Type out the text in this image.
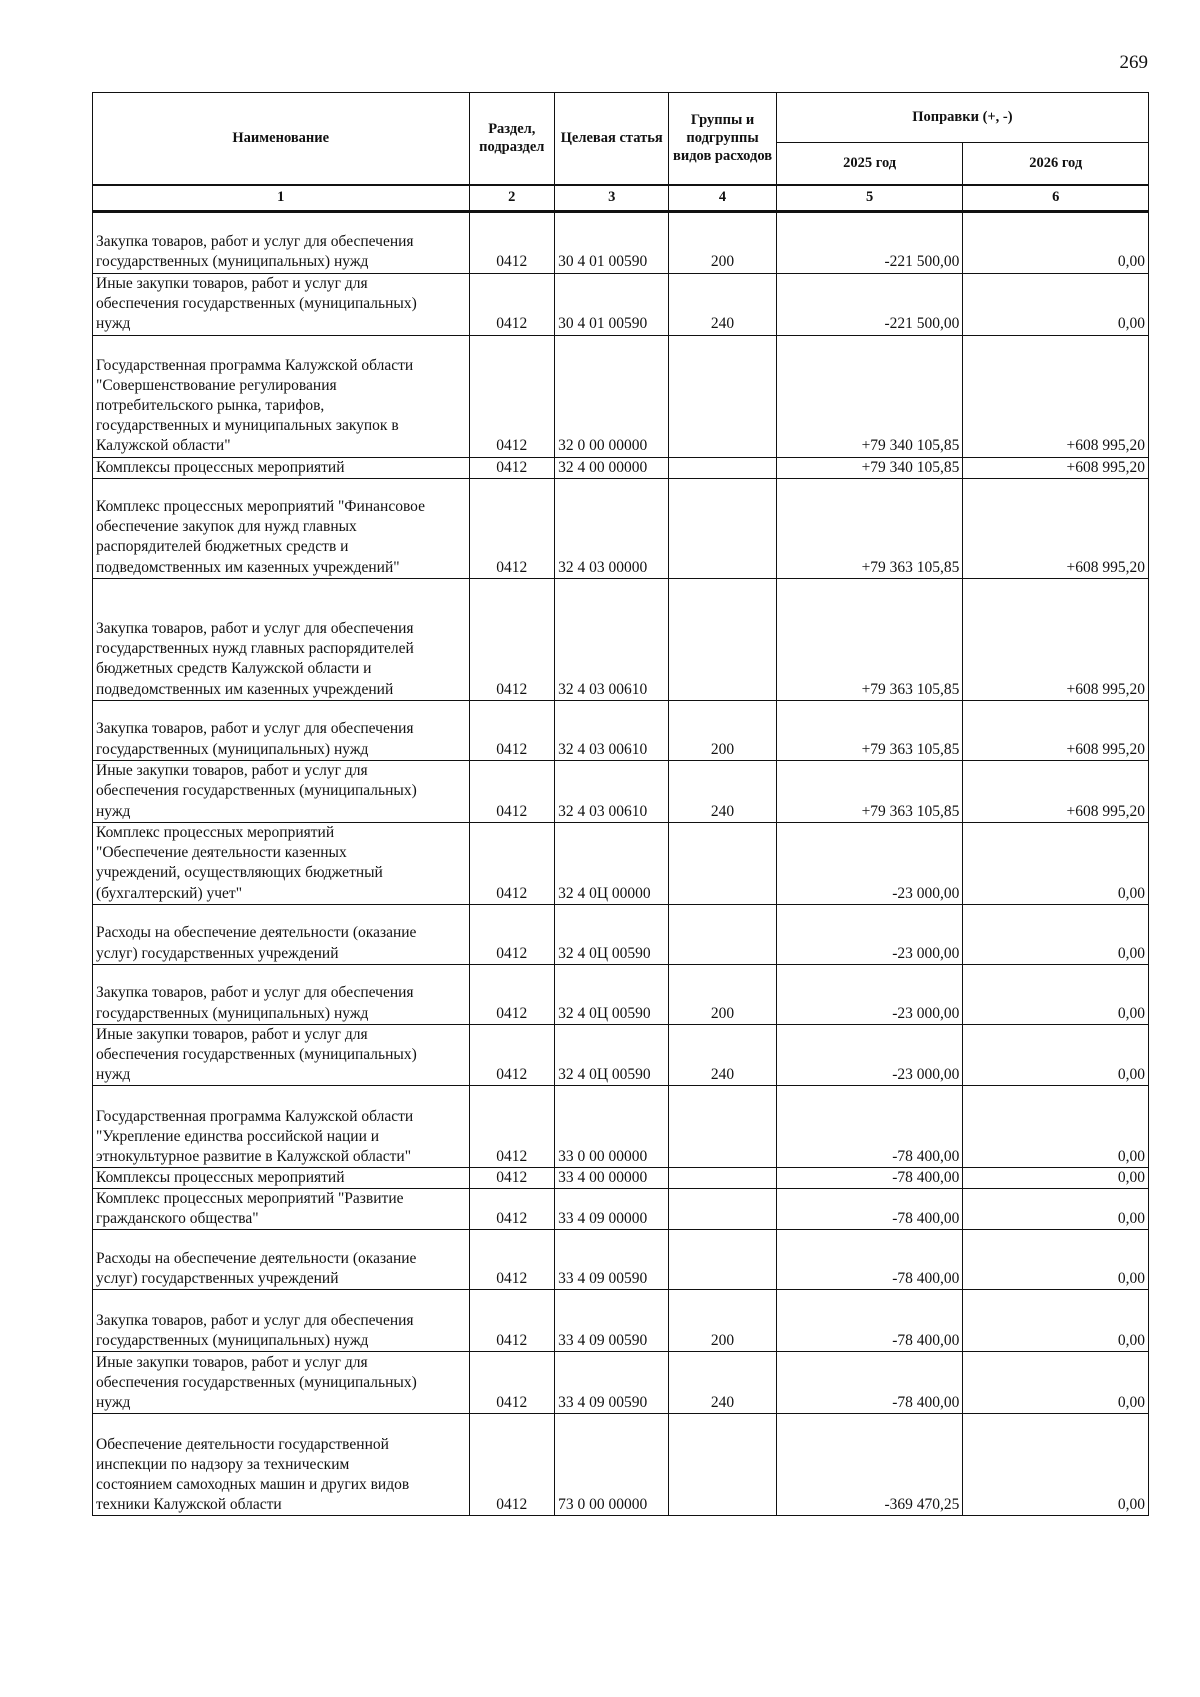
269
Наименование	Раздел, подраздел	Целевая статья	Группы и подгруппы видов расходов	Поправки (+, -)	
				2025 год	2026 год
1	2	3	4	5	6
Закупка товаров, работ и услуг для обеспечения
государственных (муниципальных) нужд	0412	30 4 01 00590	200	-221 500,00	0,00
Иные закупки товаров, работ и услуг для
обеспечения государственных (муниципальных)
нужд	0412	30 4 01 00590	240	-221 500,00	0,00
Государственная программа Калужской области
"Совершенствование регулирования
потребительского рынка, тарифов,
государственных и муниципальных закупок в
Калужской области"	0412	32 0 00 00000		+79 340 105,85	+608 995,20
Комплексы процессных мероприятий	0412	32 4 00 00000		+79 340 105,85	+608 995,20
Комплекс процессных мероприятий "Финансовое
обеспечение закупок для нужд главных
распорядителей бюджетных средств и
подведомственных им казенных учреждений"	0412	32 4 03 00000		+79 363 105,85	+608 995,20
Закупка товаров, работ и услуг для обеспечения
государственных нужд главных распорядителей
бюджетных средств Калужской области и
подведомственных им казенных учреждений	0412	32 4 03 00610		+79 363 105,85	+608 995,20
Закупка товаров, работ и услуг для обеспечения
государственных (муниципальных) нужд	0412	32 4 03 00610	200	+79 363 105,85	+608 995,20
Иные закупки товаров, работ и услуг для
обеспечения государственных (муниципальных)
нужд	0412	32 4 03 00610	240	+79 363 105,85	+608 995,20
Комплекс процессных мероприятий
"Обеспечение деятельности казенных
учреждений, осуществляющих бюджетный
(бухгалтерский) учет"	0412	32 4 0Ц 00000		-23 000,00	0,00
Расходы на обеспечение деятельности (оказание
услуг) государственных учреждений	0412	32 4 0Ц 00590		-23 000,00	0,00
Закупка товаров, работ и услуг для обеспечения
государственных (муниципальных) нужд	0412	32 4 0Ц 00590	200	-23 000,00	0,00
Иные закупки товаров, работ и услуг для
обеспечения государственных (муниципальных)
нужд	0412	32 4 0Ц 00590	240	-23 000,00	0,00
Государственная программа Калужской области
"Укрепление единства российской нации и
этнокультурное развитие в Калужской области"	0412	33 0 00 00000		-78 400,00	0,00
Комплексы процессных мероприятий	0412	33 4 00 00000		-78 400,00	0,00
Комплекс процессных мероприятий "Развитие
гражданского общества"	0412	33 4 09 00000		-78 400,00	0,00
Расходы на обеспечение деятельности (оказание
услуг) государственных учреждений	0412	33 4 09 00590		-78 400,00	0,00
Закупка товаров, работ и услуг для обеспечения
государственных (муниципальных) нужд	0412	33 4 09 00590	200	-78 400,00	0,00
Иные закупки товаров, работ и услуг для
обеспечения государственных (муниципальных)
нужд	0412	33 4 09 00590	240	-78 400,00	0,00
Обеспечение деятельности государственной
инспекции по надзору за техническим
состоянием самоходных машин и других видов
техники Калужской области	0412	73 0 00 00000		-369 470,25	0,00
